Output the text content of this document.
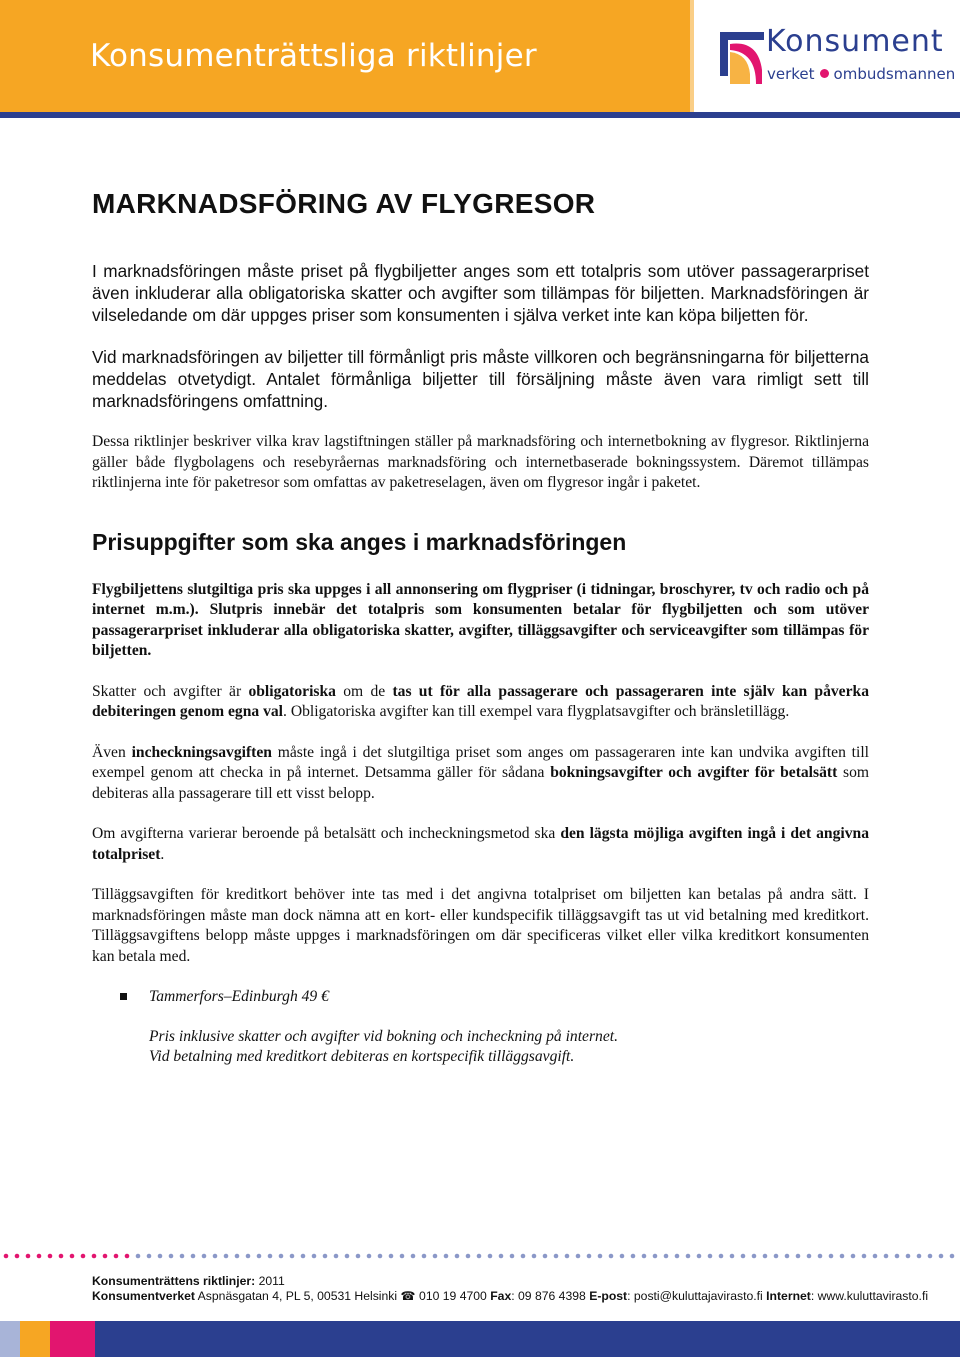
Konsumenträttsliga riktlinjer	Konsument
verket ombudsmannen
MARKNADSFÖRING AV FLYGRESOR

I marknadsföringen måste priset på flygbiljetter anges som ett totalpris som utöver passagerarpriset även inkluderar alla obligatoriska skatter och avgifter som tillämpas för biljetten. Marknadsföringen är vilseledande om där uppges priser som konsumenten i själva verket inte kan köpa biljetten för.

Vid marknadsföringen av biljetter till förmånligt pris måste villkoren och begränsningarna för biljetterna meddelas otvetydigt. Antalet förmånliga biljetter till försäljning måste även vara rimligt sett till marknadsföringens omfattning.

Dessa riktlinjer beskriver vilka krav lagstiftningen ställer på marknadsföring och internetbokning av flygresor. Riktlinjerna gäller både flygbolagens och resebyråernas marknadsföring och internetbaserade bokningssystem. Däremot tillämpas riktlinjerna inte för paketresor som omfattas av paketreselagen, även om flygresor ingår i paketet.

Prisuppgifter som ska anges i marknadsföringen

Flygbiljettens slutgiltiga pris ska uppges i all annonsering om flygpriser (i tidningar, broschyrer, tv och radio och på internet m.m.). Slutpris innebär det totalpris som konsumenten betalar för flygbiljetten och som utöver passagerarpriset inkluderar alla obligatoriska skatter, avgifter, tilläggsavgifter och serviceavgifter som tillämpas för biljetten.

Skatter och avgifter är obligatoriska om de tas ut för alla passagerare och passageraren inte själv kan påverka debiteringen genom egna val. Obligatoriska avgifter kan till exempel vara flygplatsavgifter och bränsletillägg.

Även incheckningsavgiften måste ingå i det slutgiltiga priset som anges om passageraren inte kan undvika avgiften till exempel genom att checka in på internet. Detsamma gäller för sådana bokningsavgifter och avgifter för betalsätt som debiteras alla passagerare till ett visst belopp.

Om avgifterna varierar beroende på betalsätt och incheckningsmetod ska den lägsta möjliga avgiften ingå i det angivna totalpriset.

Tilläggsavgiften för kreditkort behöver inte tas med i det angivna totalpriset om biljetten kan betalas på andra sätt. I marknadsföringen måste man dock nämna att en kort- eller kundspecifik tilläggsavgift tas ut vid betalning med kreditkort. Tilläggsavgiftens belopp måste uppges i marknadsföringen om där specificeras vilket eller vilka kreditkort konsumenten kan betala med.

Tammerfors–Edinburgh 49 €
Pris inklusive skatter och avgifter vid bokning och incheckning på internet.
Vid betalning med kreditkort debiteras en kortspecifik tilläggsavgift.
Konsumenträttens riktlinjer: 2011
Konsumentverket Aspnäsgatan 4, PL 5, 00531 Helsinki ☎ 010 19 4700 Fax: 09 876 4398 E-post: posti@kuluttajavirasto.fi Internet: www.kuluttavirasto.fi
